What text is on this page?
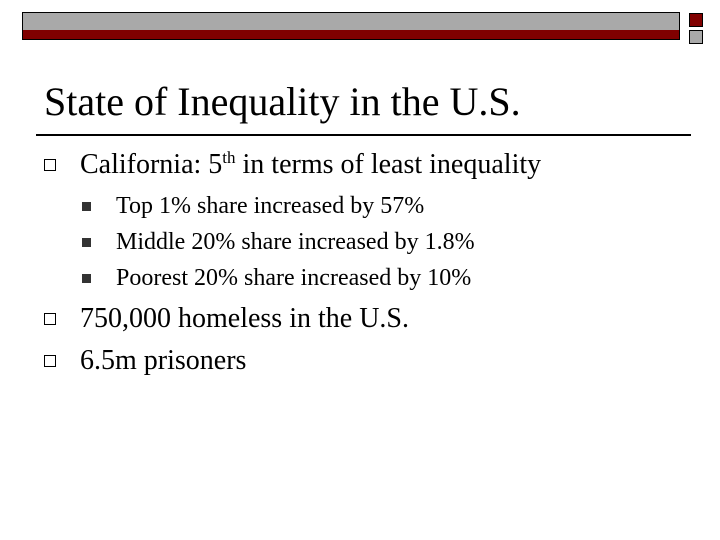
State of Inequality in the U.S.
California: 5th in terms of least inequality
Top 1% share increased by 57%
Middle 20% share increased by 1.8%
Poorest 20% share increased by 10%
750,000 homeless in the U.S.
6.5m prisoners
